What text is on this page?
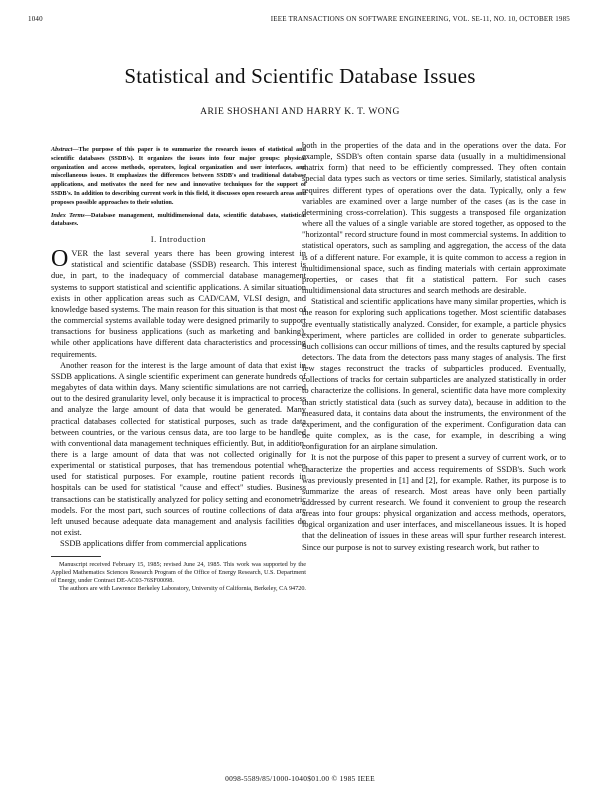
1040	IEEE TRANSACTIONS ON SOFTWARE ENGINEERING, VOL. SE-11, NO. 10, OCTOBER 1985
Statistical and Scientific Database Issues
ARIE SHOSHANI AND HARRY K. T. WONG

Abstract—The purpose of this paper is to summarize the research issues of statistical and scientific databases (SSDB's). It organizes the issues into four major groups: physical organization and access methods, operators, logical organization and user interfaces, and miscellaneous issues. It emphasizes the differences between SSDB's and traditional database applications, and motivates the need for new and innovative techniques for the support of SSDB's. In addition to describing current work in this field, it discusses open research areas and proposes possible approaches to their solution.

Index Terms—Database management, multidimensional data, scientific databases, statistical databases.

I. Introduction

OVER the last several years there has been growing interest in statistical and scientific database (SSDB) research. This interest is due, in part, to the inadequacy of commercial database management systems to support statistical and scientific applications. A similar situation exists in other application areas such as CAD/CAM, VLSI design, and knowledge based systems. The main reason for this situation is that most of the commercial systems available today were designed primarily to support transactions for business applications (such as marketing and banking), while other applications have different data characteristics and processing requirements.

Another reason for the interest is the large amount of data that exist in SSDB applications. A single scientific experiment can generate hundreds of megabytes of data within days. Many scientific simulations are not carried out to the desired granularity level, only because it is impractical to process and analyze the large amount of data that would be generated. Many practical databases collected for statistical purposes, such as trade data between countries, or the various census data, are too large to be handled with conventional data management techniques efficiently. But, in addition, there is a large amount of data that was not collected originally for experimental or statistical purposes, that has tremendous potential when used for statistical purposes. For example, routine patient records in hospitals can be used for statistical "cause and effect" studies. Business transactions can be statistically analyzed for policy setting and econometric models. For the most part, such sources of routine collections of data are left unused because adequate data management and analysis facilities do not exist.

SSDB applications differ from commercial applications

Manuscript received February 15, 1985; revised June 24, 1985. This work was supported by the Applied Mathematics Sciences Research Program of the Office of Energy Research, U.S. Department of Energy, under Contract DE-AC03-76SF00098.

The authors are with Lawrence Berkeley Laboratory, University of California, Berkeley, CA 94720.

both in the properties of the data and in the operations over the data. For example, SSDB's often contain sparse data (usually in a multidimensional matrix form) that need to be efficiently compressed. They often contain special data types such as vectors or time series. Similarly, statistical analysis requires different types of operations over the data. Typically, only a few variables are examined over a large number of the cases (as is the case in determining cross-correlation). This suggests a transposed file organization where all the values of a single variable are stored together, as opposed to the "horizontal" record structure found in most commercial systems. In addition to statistical operators, such as sampling and aggregation, the access of the data is of a different nature. For example, it is quite common to access a region in multidimensional space, such as finding materials with certain approximate properties, or cases that fit a statistical pattern. For such cases multidimensional data structures and search methods are desirable.

Statistical and scientific applications have many similar properties, which is the reason for exploring such applications together. Most scientific databases are eventually statistically analyzed. Consider, for example, a particle physics experiment, where particles are collided in order to generate subparticles. Such collisions can occur millions of times, and the results captured by special detectors. The data from the detectors pass many stages of analysis. The first few stages reconstruct the tracks of subparticles produced. Eventually, collections of tracks for certain subparticles are analyzed statistically in order to characterize the collisions. In general, scientific data have more complexity than strictly statistical data (such as survey data), because in addition to the measured data, it contains data about the instruments, the environment of the experiment, and the configuration of the experiment. Configuration data can be quite complex, as is the case, for example, in describing a wing configuration for an airplane simulation.

It is not the purpose of this paper to present a survey of current work, or to characterize the properties and access requirements of SSDB's. Such work was previously presented in [1] and [2], for example. Rather, its purpose is to summarize the areas of research. Most areas have only been partially addressed by current research. We found it convenient to group the research areas into four groups: physical organization and access methods, operators, logical organization and user interfaces, and miscellaneous issues. It is hoped that the delineation of issues in these areas will spur further research interest. Since our purpose is not to survey existing research work, but rather to

0098-5589/85/1000-1040$01.00 © 1985 IEEE
